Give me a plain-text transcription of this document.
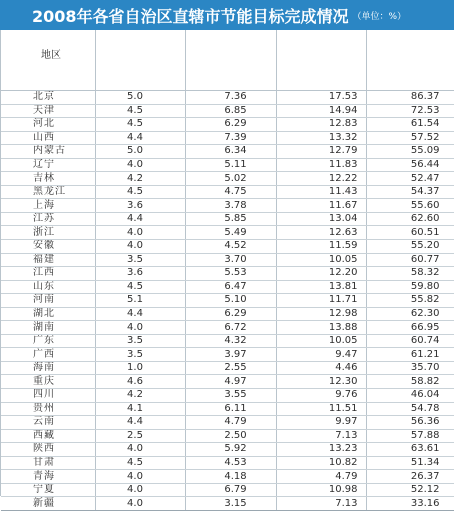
2008年各省自治区直辖市节能目标完成情况 （单位：%）
地区				
北京	5.0	7.36	17.53	86.37
天津	4.5	6.85	14.94	72.53
河北	4.5	6.29	12.83	61.54
山西	4.4	7.39	13.32	57.52
内蒙古	5.0	6.34	12.79	55.09
辽宁	4.0	5.11	11.83	56.44
吉林	4.2	5.02	12.22	52.47
黑龙江	4.5	4.75	11.43	54.37
上海	3.6	3.78	11.67	55.60
江苏	4.4	5.85	13.04	62.60
浙江	4.0	5.49	12.63	60.51
安徽	4.0	4.52	11.59	55.20
福建	3.5	3.70	10.05	60.77
江西	3.6	5.53	12.20	58.32
山东	4.5	6.47	13.81	59.80
河南	5.1	5.10	11.71	55.82
湖北	4.4	6.29	12.98	62.30
湖南	4.0	6.72	13.88	66.95
广东	3.5	4.32	10.05	60.74
广西	3.5	3.97	9.47	61.21
海南	1.0	2.55	4.46	35.70
重庆	4.6	4.97	12.30	58.82
四川	4.2	3.55	9.76	46.04
贵州	4.1	6.11	11.51	54.78
云南	4.4	4.79	9.97	56.36
西藏	2.5	2.50	7.13	57.88
陕西	4.0	5.92	13.23	63.61
甘肃	4.5	4.53	10.82	51.34
青海	4.0	4.18	4.79	26.37
宁夏	4.0	6.79	10.98	52.12
新疆	4.0	3.15	7.13	33.16
